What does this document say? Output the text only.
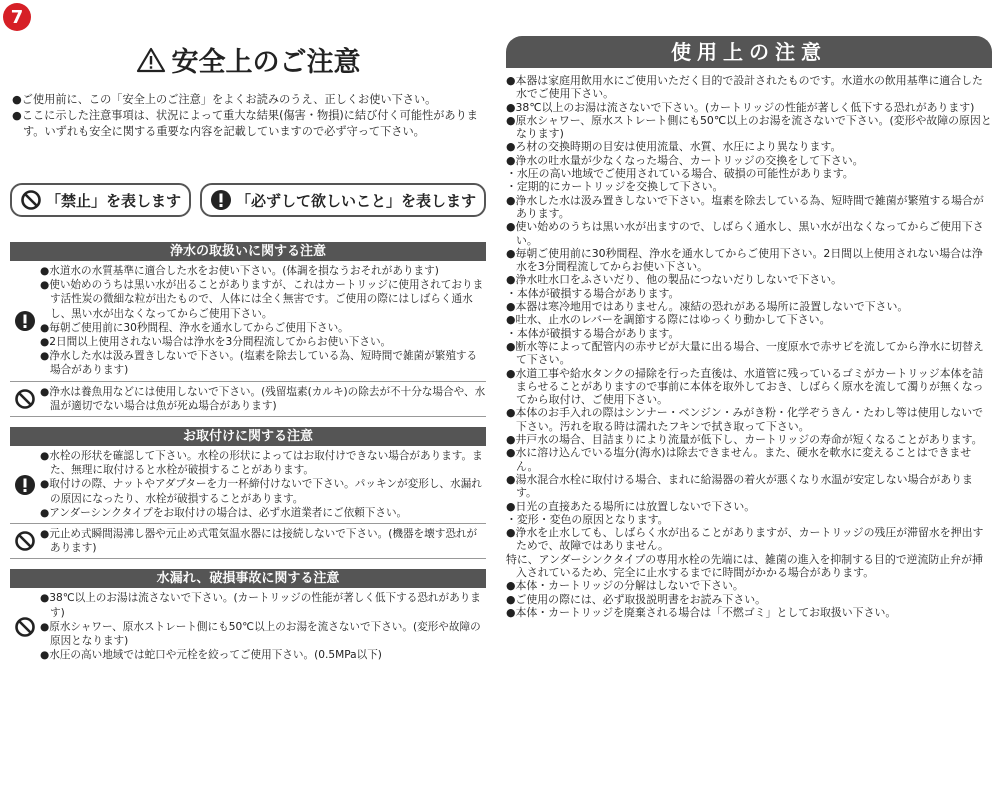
7
安全上のご注意

●ご使用前に、この「安全上のご注意」をよくお読みのうえ、正しくお使い下さい。

●ここに示した注意事項は、状況によって重大な結果(傷害・物損)に結び付く可能性があります。いずれも安全に関する重要な内容を記載していますので必ず守って下さい。

「禁止」を表します	「必ずして欲しいこと」を表します
浄水の取扱いに関する注意

●水道水の水質基準に適合した水をお使い下さい。(体調を損なうおそれがあります)

●使い始めのうちは黒い水が出ることがありますが、これはカートリッジに使用されております活性炭の微細な粒が出たもので、人体には全く無害です。ご使用の際にはしばらく通水し、黒い水が出なくなってからご使用下さい。

●毎朝ご使用前に30秒間程、浄水を通水してからご使用下さい。

●2日間以上使用されない場合は浄水を3分間程流してからお使い下さい。

●浄水した水は汲み置きしないで下さい。(塩素を除去している為、短時間で雑菌が繁殖する場合があります)

●浄水は養魚用などには使用しないで下さい。(残留塩素(カルキ)の除去が不十分な場合や、水温が適切でない場合は魚が死ぬ場合があります)

お取付けに関する注意

●水栓の形状を確認して下さい。水栓の形状によってはお取付けできない場合があります。また、無理に取付けると水栓が破損することがあります。

●取付けの際、ナットやアダプターを力一杯締付けないで下さい。パッキンが変形し、水漏れの原因になったり、水栓が破損することがあります。

●アンダーシンクタイプをお取付けの場合は、必ず水道業者にご依頼下さい。

●元止め式瞬間湯沸し器や元止め式電気温水器には接続しないで下さい。(機器を壊す恐れがあります)

水漏れ、破損事故に関する注意

●38℃以上のお湯は流さないで下さい。(カートリッジの性能が著しく低下する恐れがあります)

●原水シャワー、原水ストレート側にも50℃以上のお湯を流さないで下さい。(変形や故障の原因となります)

●水圧の高い地域では蛇口や元栓を絞ってご使用下さい。(0.5MPa以下)

使用上の注意

●本器は家庭用飲用水にご使用いただく目的で設計されたものです。水道水の飲用基準に適合した水でご使用下さい。

●38℃以上のお湯は流さないで下さい。(カートリッジの性能が著しく低下する恐れがあります)

●原水シャワー、原水ストレート側にも50℃以上のお湯を流さないで下さい。(変形や故障の原因となります)

●ろ材の交換時期の目安は使用流量、水質、水圧により異なります。

●浄水の吐水量が少なくなった場合、カートリッジの交換をして下さい。

・水圧の高い地域でご使用されている場合、破損の可能性があります。

・定期的にカートリッジを交換して下さい。

●浄水した水は汲み置きしないで下さい。塩素を除去している為、短時間で雑菌が繁殖する場合があります。

●使い始めのうちは黒い水が出ますので、しばらく通水し、黒い水が出なくなってからご使用下さい。

●毎朝ご使用前に30秒間程、浄水を通水してからご使用下さい。2日間以上使用されない場合は浄水を3分間程流してからお使い下さい。

●浄水吐水口をふさいだり、他の製品につないだりしないで下さい。

・本体が破損する場合があります。

●本器は寒冷地用ではありません。凍結の恐れがある場所に設置しないで下さい。

●吐水、止水のレバーを調節する際にはゆっくり動かして下さい。

・本体が破損する場合があります。

●断水等によって配管内の赤サビが大量に出る場合、一度原水で赤サビを流してから浄水に切替えて下さい。

●水道工事や給水タンクの掃除を行った直後は、水道管に残っているゴミがカートリッジ本体を詰まらせることがありますので事前に本体を取外しておき、しばらく原水を流して濁りが無くなってから取付け、ご使用下さい。

●本体のお手入れの際はシンナー・ベンジン・みがき粉・化学ぞうきん・たわし等は使用しないで下さい。汚れを取る時は濡れたフキンで拭き取って下さい。

●井戸水の場合、目詰まりにより流量が低下し、カートリッジの寿命が短くなることがあります。

●水に溶け込んでいる塩分(海水)は除去できません。また、硬水を軟水に変えることはできません。

●湯水混合水栓に取付ける場合、まれに給湯器の着火が悪くなり水温が安定しない場合があります。

●日光の直接あたる場所には放置しないで下さい。

・変形・変色の原因となります。

●浄水を止水しても、しばらく水が出ることがありますが、カートリッジの残圧が滞留水を押出すためで、故障ではありません。

特に、アンダーシンクタイプの専用水栓の先端には、雑菌の進入を抑制する目的で逆流防止弁が挿入されているため、完全に止水するまでに時間がかかる場合があります。

●本体・カートリッジの分解はしないで下さい。

●ご使用の際には、必ず取扱説明書をお読み下さい。

●本体・カートリッジを廃棄される場合は「不燃ゴミ」としてお取扱い下さい。
